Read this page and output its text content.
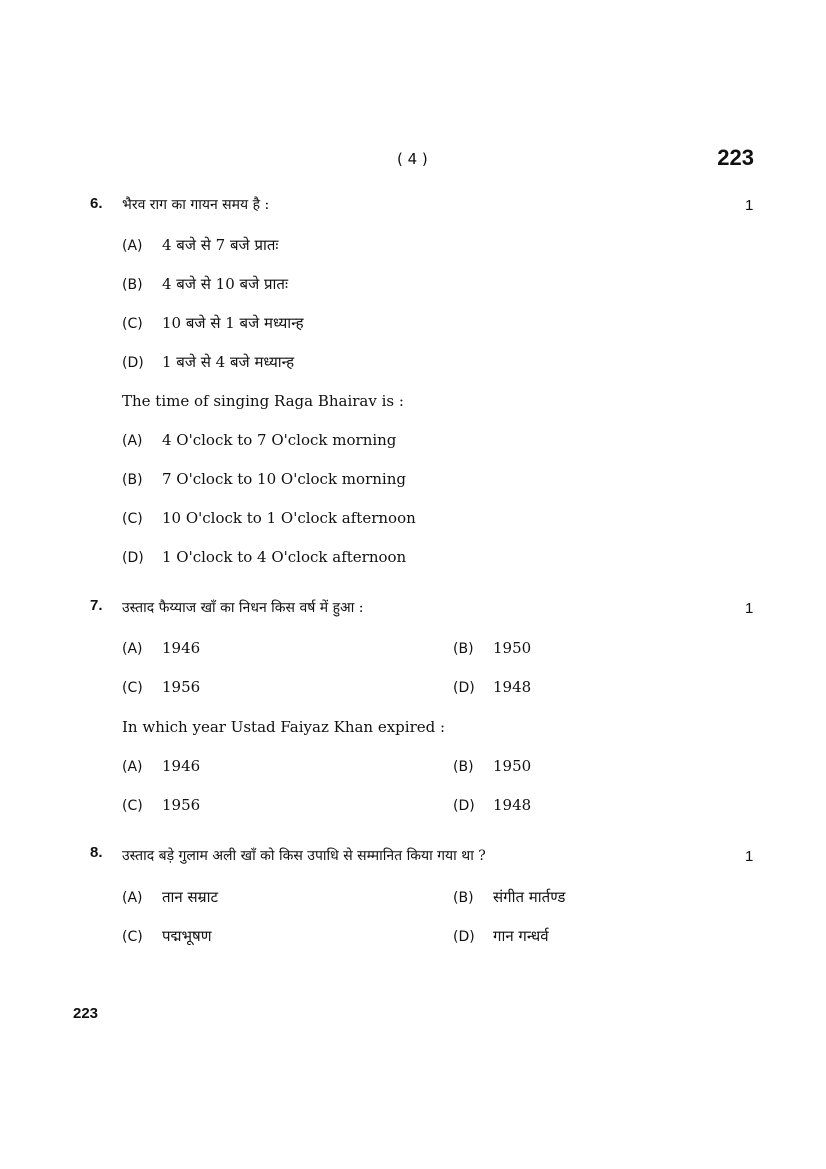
( 4 )	223
6. भैरव राग का गायन समय है :	1
(A) 4 बजे से 7 बजे प्रातः
(B) 4 बजे से 10 बजे प्रातः
(C) 10 बजे से 1 बजे मध्यान्ह
(D) 1 बजे से 4 बजे मध्यान्ह
The time of singing Raga Bhairav is :
(A) 4 O'clock to 7 O'clock morning
(B) 7 O'clock to 10 O'clock morning
(C) 10 O'clock to 1 O'clock afternoon
(D) 1 O'clock to 4 O'clock afternoon
7. उस्ताद फैय्याज खाँ का निधन किस वर्ष में हुआ :	1
(A) 1946	(B) 1950
(C) 1956	(D) 1948
In which year Ustad Faiyaz Khan expired :
(A) 1946	(B) 1950
(C) 1956	(D) 1948
8. उस्ताद बड़े गुलाम अली खाँ को किस उपाधि से सम्मानित किया गया था ?	1
(A) तान सम्राट	(B) संगीत मार्तण्ड
(C) पद्मभूषण	(D) गान गन्धर्व
223
